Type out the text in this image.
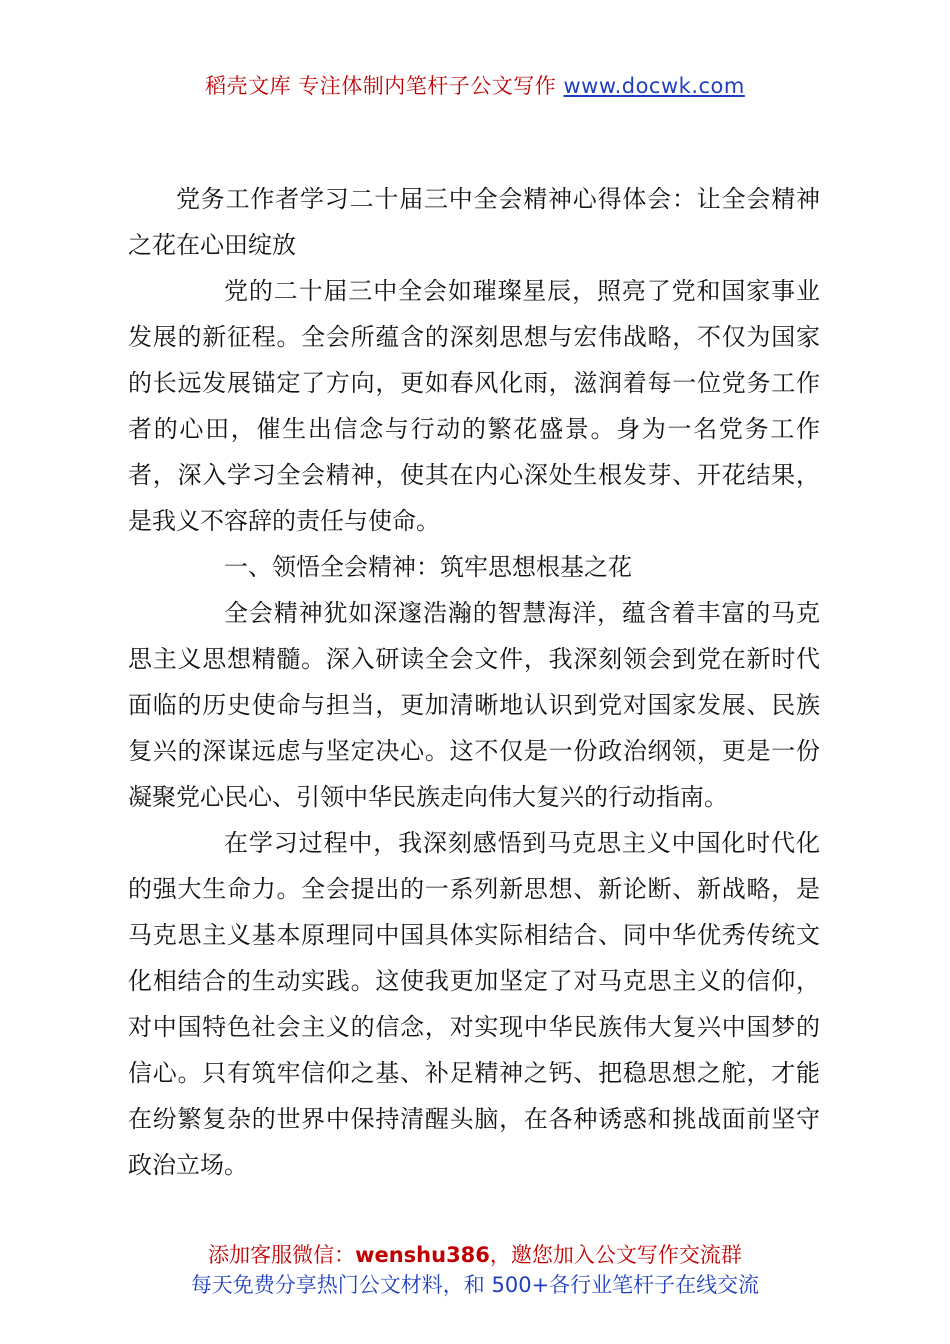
稻壳文库 专注体制内笔杆子公文写作 www.docwk.com

党务工作者学习二十届三中全会精神心得体会：让全会精神之花在心田绽放

党的二十届三中全会如璀璨星辰，照亮了党和国家事业发展的新征程。全会所蕴含的深刻思想与宏伟战略，不仅为国家的长远发展锚定了方向，更如春风化雨，滋润着每一位党务工作者的心田，催生出信念与行动的繁花盛景。身为一名党务工作者，深入学习全会精神，使其在内心深处生根发芽、开花结果，是我义不容辞的责任与使命。

一、领悟全会精神：筑牢思想根基之花

全会精神犹如深邃浩瀚的智慧海洋，蕴含着丰富的马克思主义思想精髓。深入研读全会文件，我深刻领会到党在新时代面临的历史使命与担当，更加清晰地认识到党对国家发展、民族复兴的深谋远虑与坚定决心。这不仅是一份政治纲领，更是一份凝聚党心民心、引领中华民族走向伟大复兴的行动指南。

在学习过程中，我深刻感悟到马克思主义中国化时代化的强大生命力。全会提出的一系列新思想、新论断、新战略，是马克思主义基本原理同中国具体实际相结合、同中华优秀传统文化相结合的生动实践。这使我更加坚定了对马克思主义的信仰，对中国特色社会主义的信念，对实现中华民族伟大复兴中国梦的信心。只有筑牢信仰之基、补足精神之钙、把稳思想之舵，才能在纷繁复杂的世界中保持清醒头脑，在各种诱惑和挑战面前坚守政治立场。

添加客服微信：wenshu386，邀您加入公文写作交流群
每天免费分享热门公文材料，和 500+各行业笔杆子在线交流
